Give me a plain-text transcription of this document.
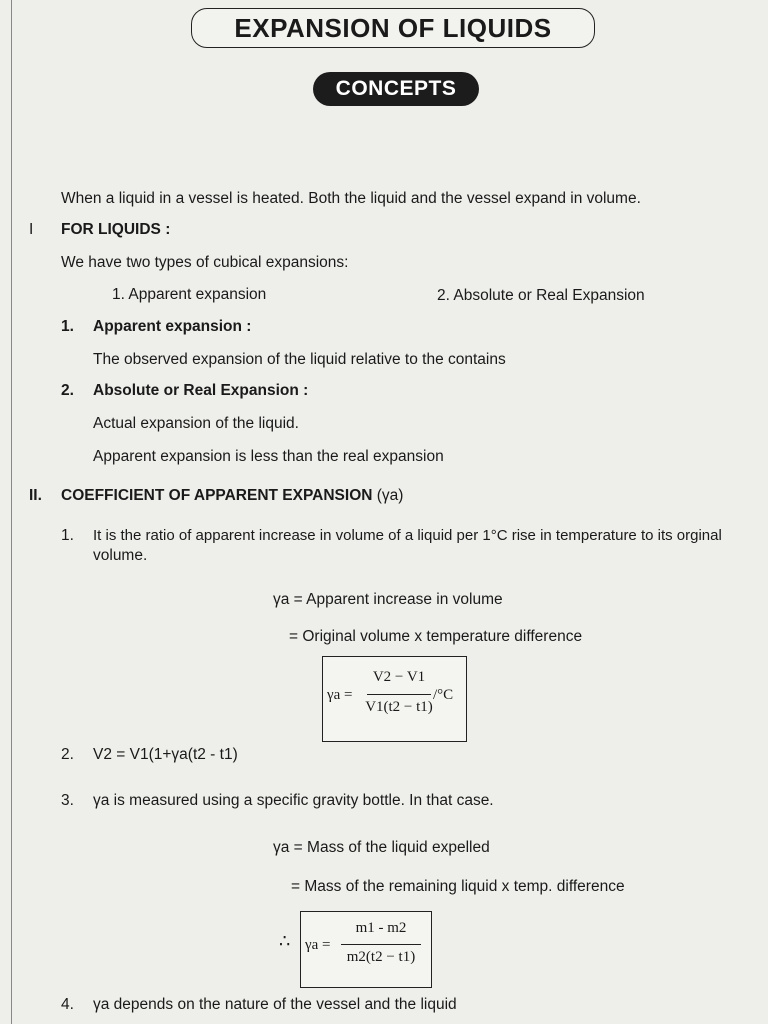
EXPANSION OF LIQUIDS
CONCEPTS
When a liquid in a vessel is heated. Both the liquid and the vessel expand in volume.
I FOR LIQUIDS :
We have two types of cubical expansions:
1. Apparent expansion	2. Absolute or Real Expansion
1. Apparent expansion :
The observed expansion of the liquid relative to the contains
2. Absolute or Real Expansion :
Actual expansion of the liquid.
Apparent expansion is less than the real expansion
II. COEFFICIENT OF APPARENT EXPANSION (γa)
1. It is the ratio of apparent increase in volume of a liquid per 1°C rise in temperature to its orginal
volume.
γa = Apparent increase in volume
= Original volume x temperature difference
γa =
V2 − V1
V1(t2 − t1)
/°C
2. V2 = V1(1+γa(t2 - t1)
3. γa is measured using a specific gravity bottle. In that case.
γa = Mass of the liquid expelled
= Mass of the remaining liquid x temp. difference
∴ γa =
m1 - m2
m2(t2 − t1)
4. γa depends on the nature of the vessel and the liquid
